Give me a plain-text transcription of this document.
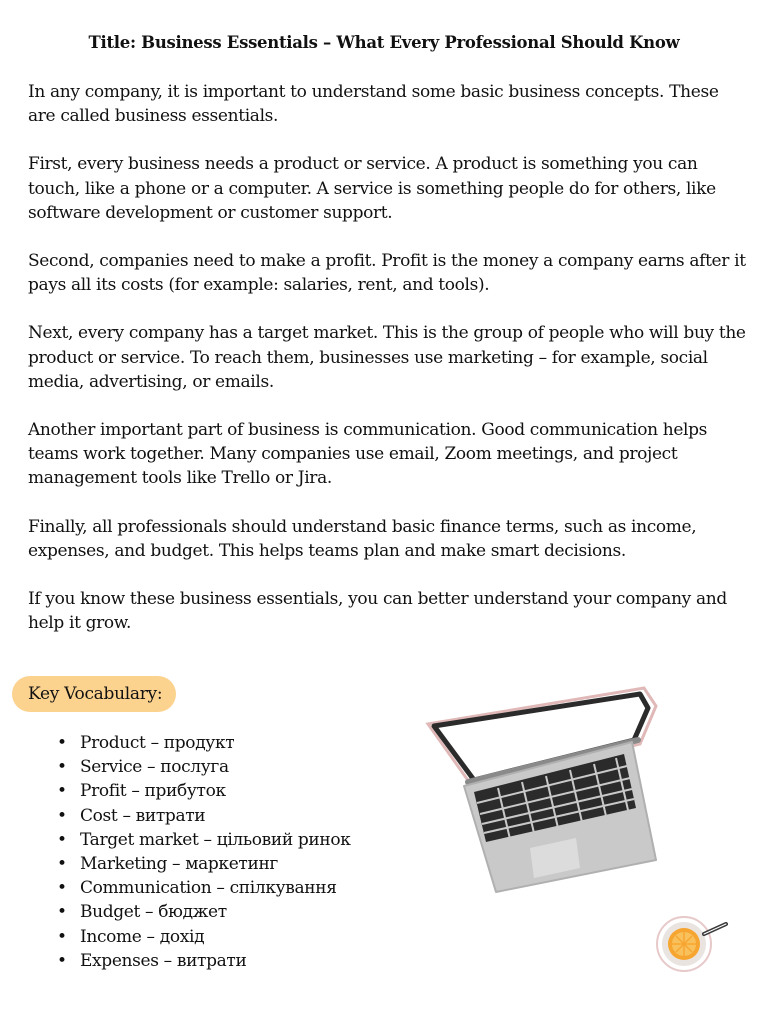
Title: Business Essentials – What Every Professional Should Know

In any company, it is important to understand some basic business concepts. These are called business essentials.

First, every business needs a product or service. A product is something you can touch, like a phone or a computer. A service is something people do for others, like software development or customer support.

Second, companies need to make a profit. Profit is the money a company earns after it pays all its costs (for example: salaries, rent, and tools).

Next, every company has a target market. This is the group of people who will buy the product or service. To reach them, businesses use marketing – for example, social media, advertising, or emails.

Another important part of business is communication. Good communication helps teams work together. Many companies use email, Zoom meetings, and project management tools like Trello or Jira.

Finally, all professionals should understand basic finance terms, such as income, expenses, and budget. This helps teams plan and make smart decisions.

If you know these business essentials, you can better understand your company and help it grow.

Key Vocabulary:
• Product – продукт
• Service – послуга
• Profit – прибуток
• Cost – витрати
• Target market – цільовий ринок
• Marketing – маркетинг
• Communication – спілкування
• Budget – бюджет
• Income – дохід
• Expenses – витрати
